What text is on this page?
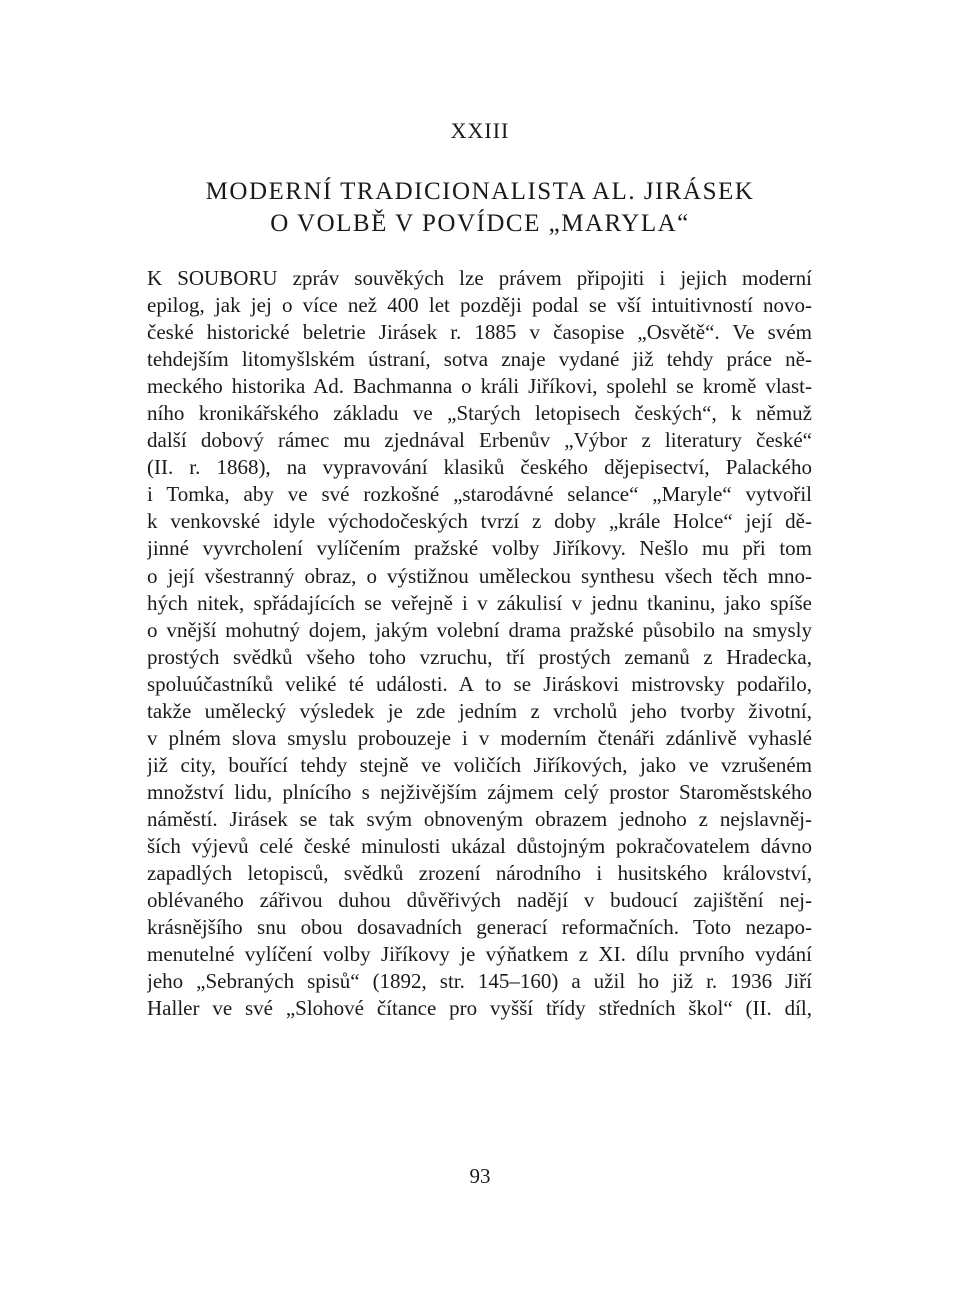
XXIII
MODERNÍ TRADICIONALISTA AL. JIRÁSEK
O VOLBĚ V POVÍDCE „MARYLA“
K SOUBORU zpráv souvěkých lze právem připojiti i jejich moderní
epilog, jak jej o více než 400 let později podal se vší intuitivností novo-
české historické beletrie Jirásek r. 1885 v časopise „Osvětě“. Ve svém
tehdejším litomyšlském ústraní, sotva znaje vydané již tehdy práce ně-
meckého historika Ad. Bachmanna o králi Jiříkovi, spolehl se kromě vlast-
ního kronikářského základu ve „Starých letopisech českých“, k němuž
další dobový rámec mu zjednával Erbenův „Výbor z literatury české“
(II. r. 1868), na vypravování klasiků českého dějepisectví, Palackého
i Tomka, aby ve své rozkošné „starodávné selance“ „Maryle“ vytvořil
k venkovské idyle východočeských tvrzí z doby „krále Holce“ její dě-
jinné vyvrcholení vylíčením pražské volby Jiříkovy. Nešlo mu při tom
o její všestranný obraz, o výstižnou uměleckou synthesu všech těch mno-
hých nitek, spřádajících se veřejně i v zákulisí v jednu tkaninu, jako spíše
o vnější mohutný dojem, jakým volební drama pražské působilo na smysly
prostých svědků všeho toho vzruchu, tří prostých zemanů z Hradecka,
spoluúčastníků veliké té události. A to se Jiráskovi mistrovsky podařilo,
takže umělecký výsledek je zde jedním z vrcholů jeho tvorby životní,
v plném slova smyslu probouzeje i v moderním čtenáři zdánlivě vyhaslé
již city, bouřící tehdy stejně ve voličích Jiříkových, jako ve vzrušeném
množství lidu, plnícího s nejživějším zájmem celý prostor Staroměstského
náměstí. Jirásek se tak svým obnoveným obrazem jednoho z nejslavněj-
ších výjevů celé české minulosti ukázal důstojným pokračovatelem dávno
zapadlých letopisců, svědků zrození národního i husitského království,
oblévaného zářivou duhou důvěřivých nadějí v budoucí zajištění nej-
krásnějšího snu obou dosavadních generací reformačních. Toto nezapo-
menutelné vylíčení volby Jiříkovy je výňatkem z XI. dílu prvního vydání
jeho „Sebraných spisů“ (1892, str. 145–160) a užil ho již r. 1936 Jiří
Haller ve své „Slohové čítance pro vyšší třídy středních škol“ (II. díl,
93
